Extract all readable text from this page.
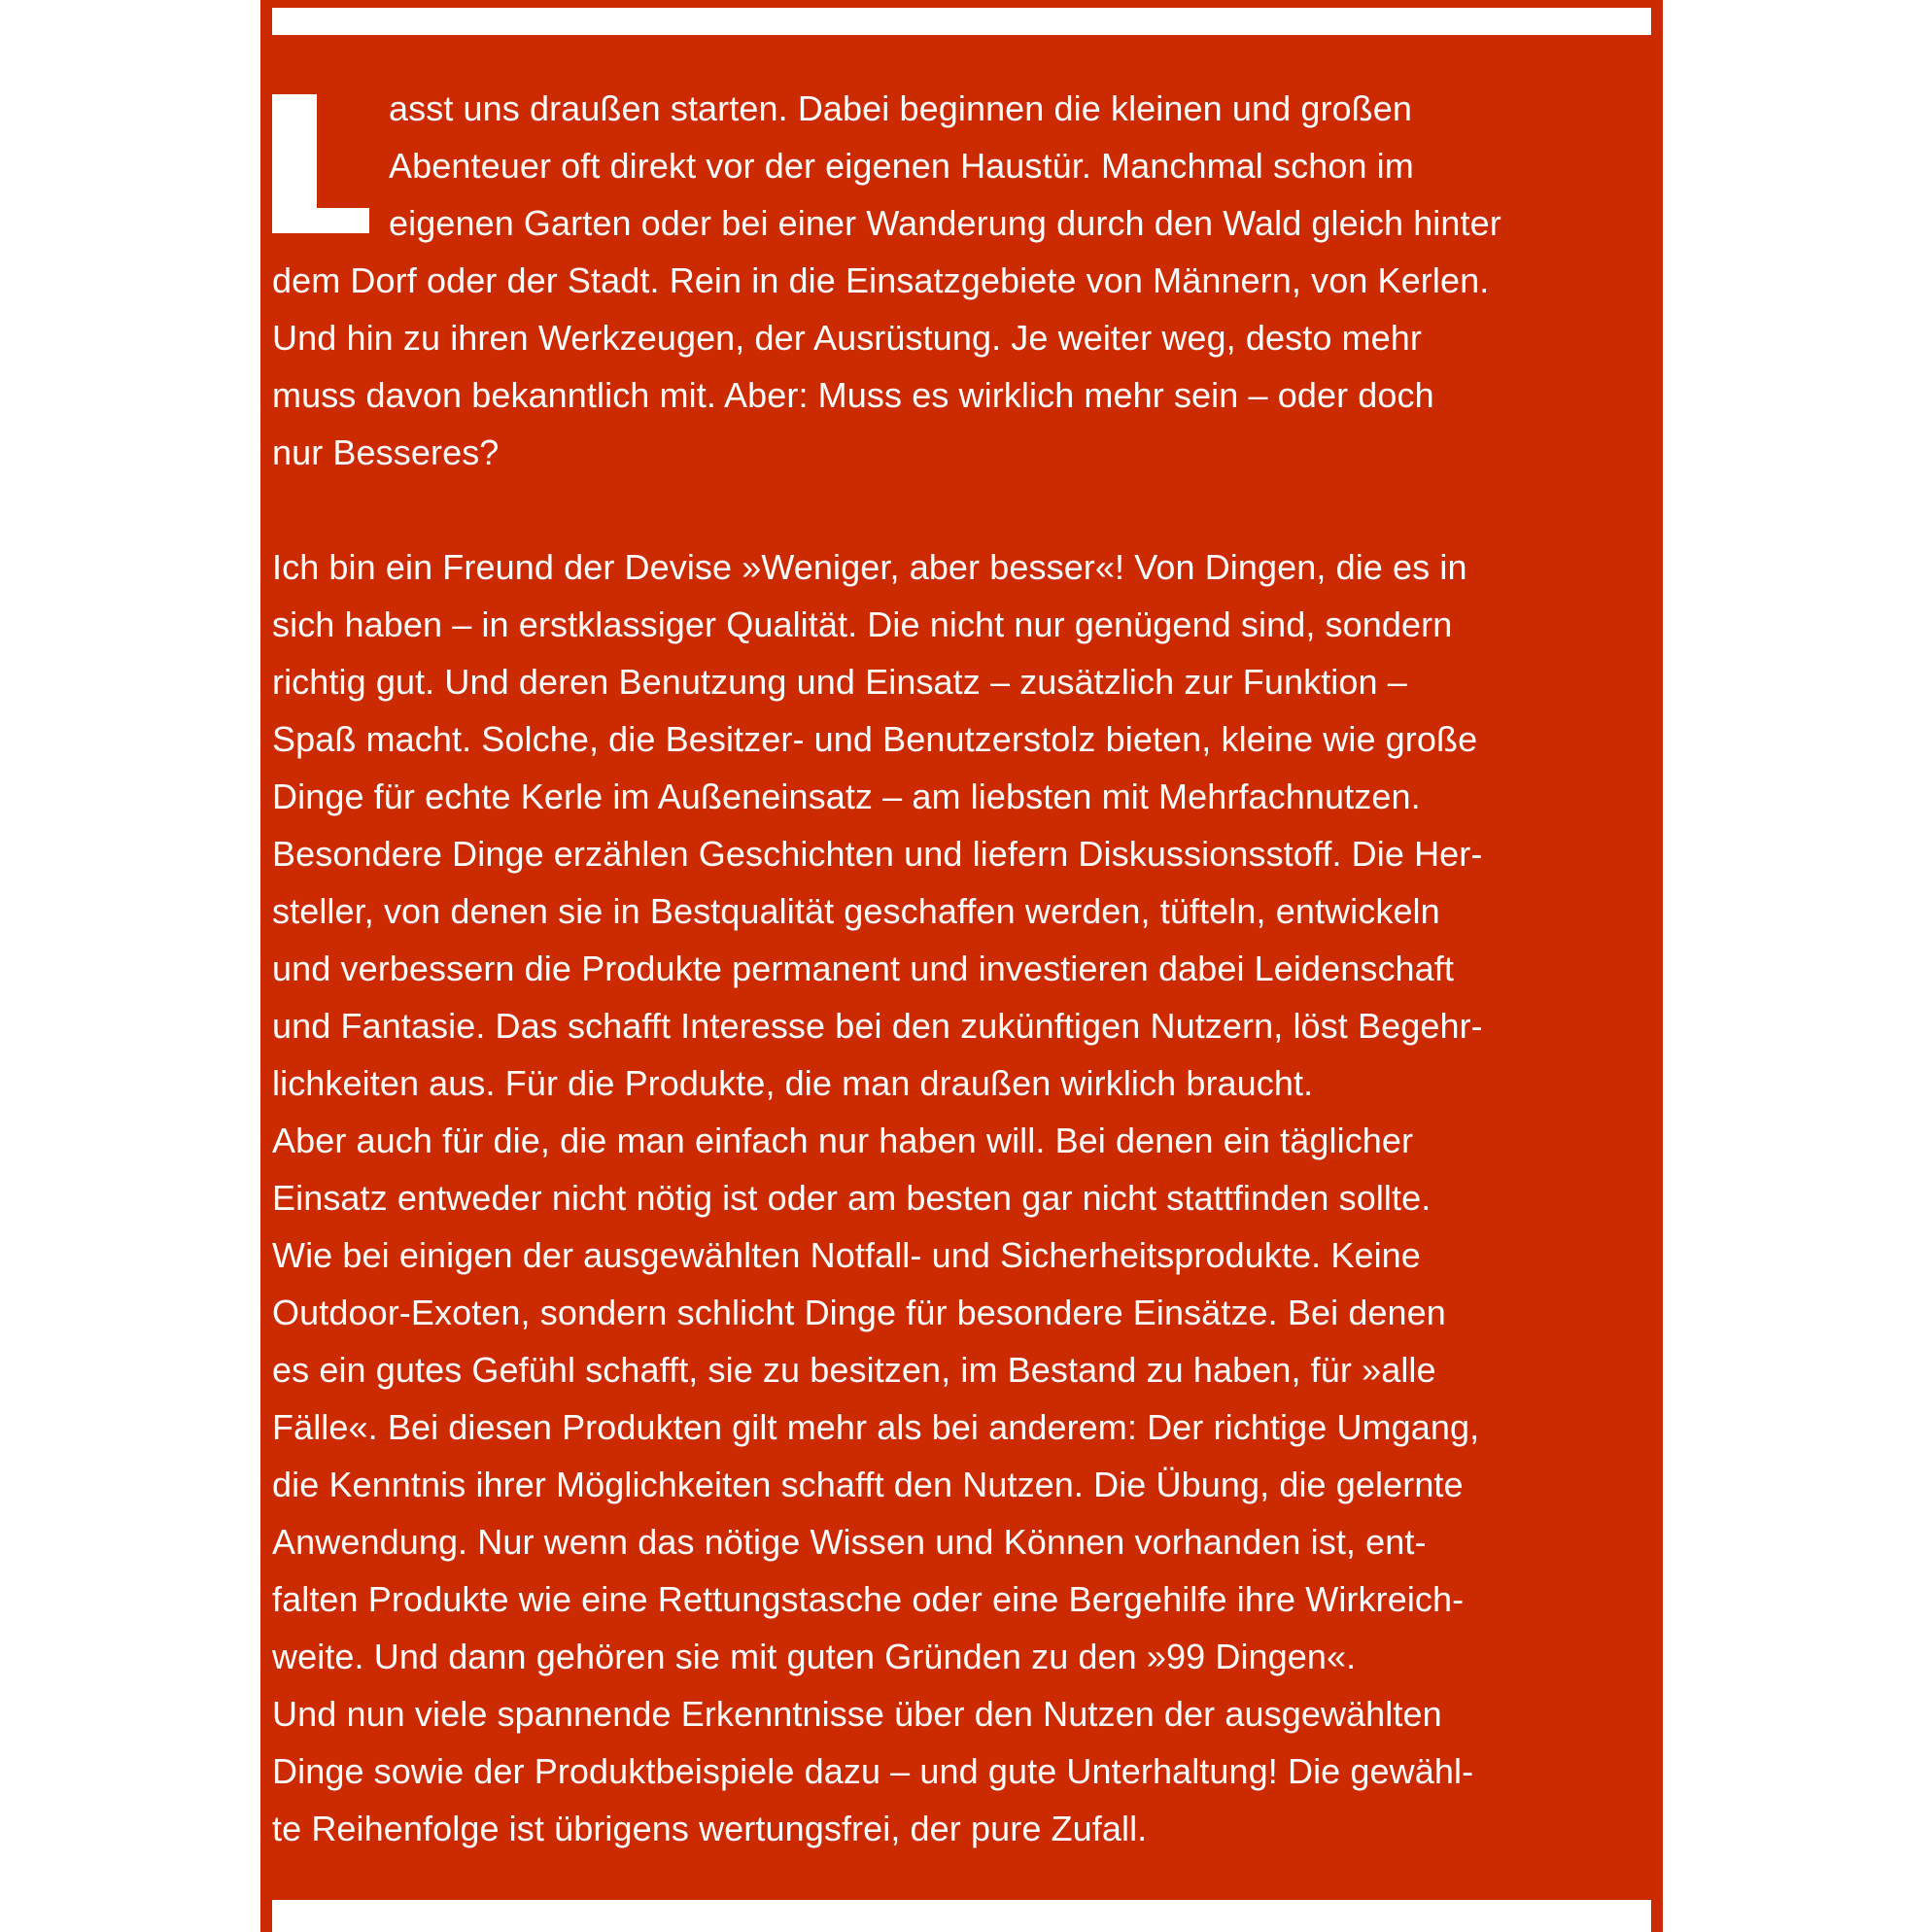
asst uns draußen starten. Dabei beginnen die kleinen und großen
Abenteuer oft direkt vor der eigenen Haustür. Manchmal schon im
eigenen Garten oder bei einer Wanderung durch den Wald gleich hinter
dem Dorf oder der Stadt. Rein in die Einsatzgebiete von Männern, von Kerlen.
Und hin zu ihren Werkzeugen, der Ausrüstung. Je weiter weg, desto mehr
muss davon bekanntlich mit. Aber: Muss es wirklich mehr sein – oder doch
nur Besseres?
Ich bin ein Freund der Devise »Weniger, aber besser«! Von Dingen, die es in
sich haben – in erstklassiger Qualität. Die nicht nur genügend sind, sondern
richtig gut. Und deren Benutzung und Einsatz – zusätzlich zur Funktion –
Spaß macht. Solche, die Besitzer- und Benutzerstolz bieten, kleine wie große
Dinge für echte Kerle im Außeneinsatz – am liebsten mit Mehrfachnutzen.
Besondere Dinge erzählen Geschichten und liefern Diskussionsstoff. Die Her-
steller, von denen sie in Bestqualität geschaffen werden, tüfteln, entwickeln
und verbessern die Produkte permanent und investieren dabei Leidenschaft
und Fantasie. Das schafft Interesse bei den zukünftigen Nutzern, löst Begehr-
lichkeiten aus. Für die Produkte, die man draußen wirklich braucht.
Aber auch für die, die man einfach nur haben will. Bei denen ein täglicher
Einsatz entweder nicht nötig ist oder am besten gar nicht stattfinden sollte.
Wie bei einigen der ausgewählten Notfall- und Sicherheitsprodukte. Keine
Outdoor-Exoten, sondern schlicht Dinge für besondere Einsätze. Bei denen
es ein gutes Gefühl schafft, sie zu besitzen, im Bestand zu haben, für »alle
Fälle«. Bei diesen Produkten gilt mehr als bei anderem: Der richtige Umgang,
die Kenntnis ihrer Möglichkeiten schafft den Nutzen. Die Übung, die gelernte
Anwendung. Nur wenn das nötige Wissen und Können vorhanden ist, ent-
falten Produkte wie eine Rettungstasche oder eine Bergehilfe ihre Wirkreich-
weite. Und dann gehören sie mit guten Gründen zu den »99 Dingen«.
Und nun viele spannende Erkenntnisse über den Nutzen der ausgewählten
Dinge sowie der Produktbeispiele dazu – und gute Unterhaltung! Die gewähl-
te Reihenfolge ist übrigens wertungsfrei, der pure Zufall.
